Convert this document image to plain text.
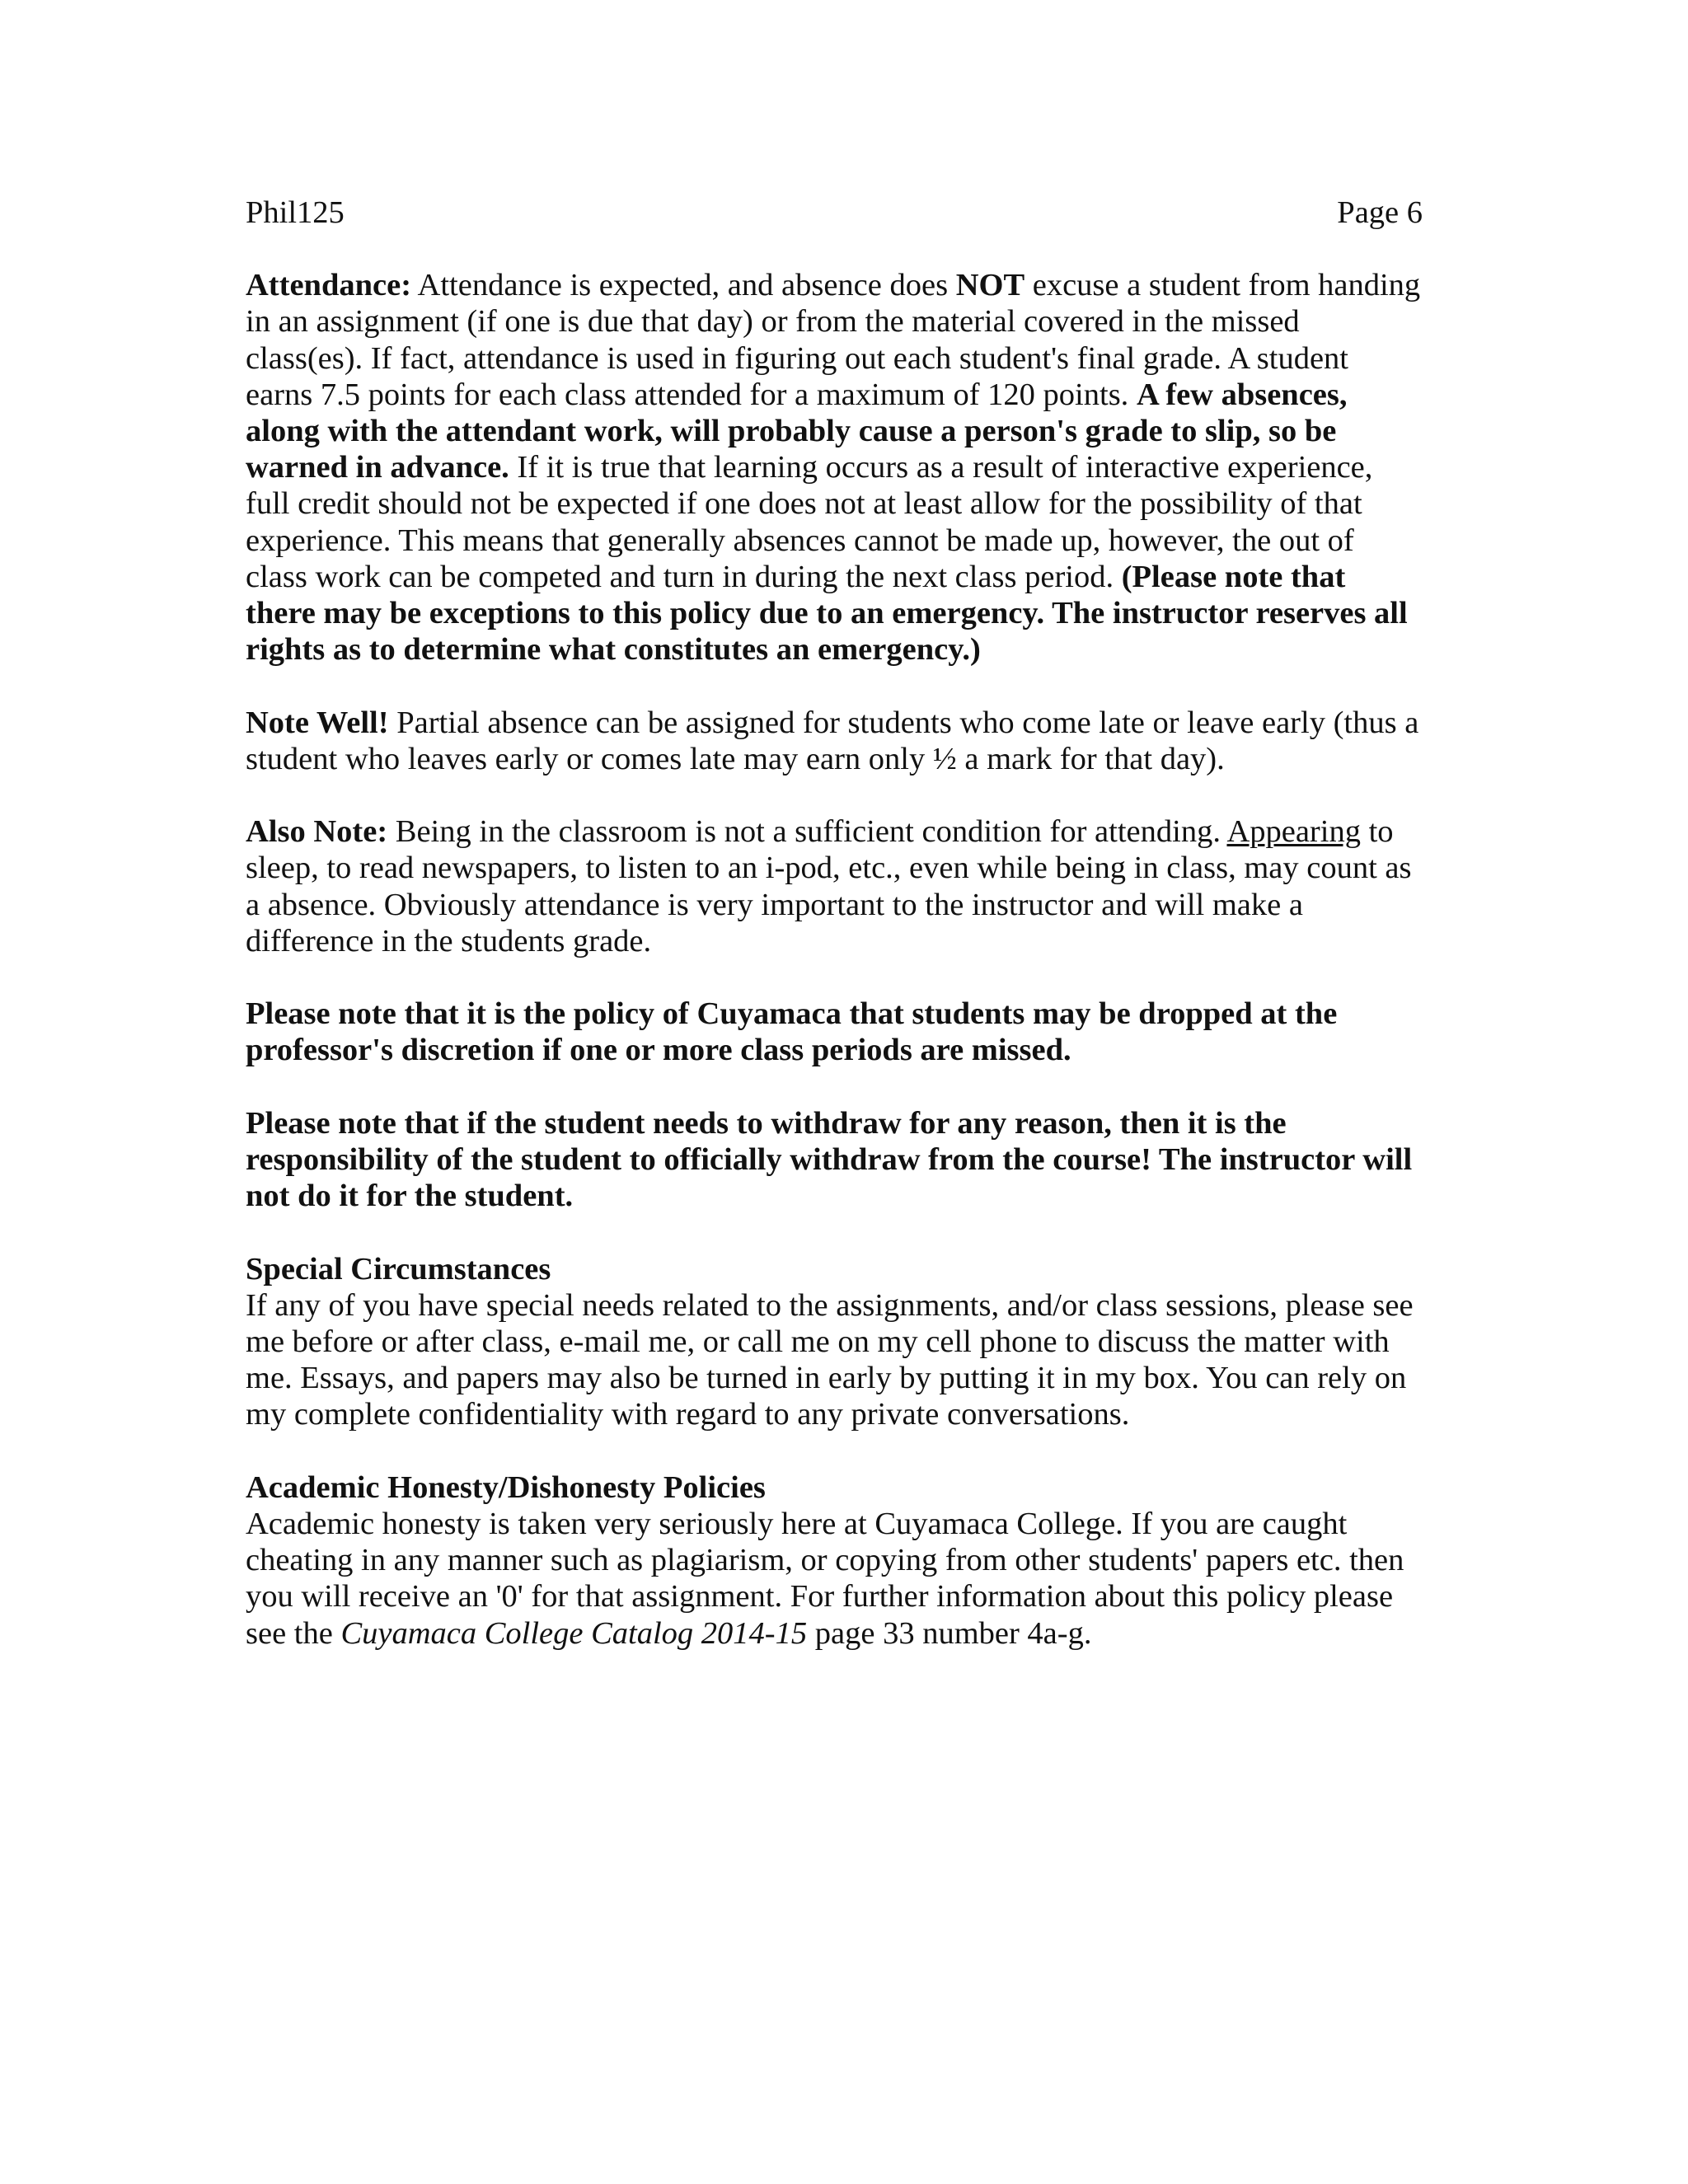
Phil125	Page 6

Attendance: Attendance is expected, and absence does NOT excuse a student from handing in an assignment (if one is due that day) or from the material covered in the missed class(es). If fact, attendance is used in figuring out each student's final grade. A student earns 7.5 points for each class attended for a maximum of 120 points. A few absences, along with the attendant work, will probably cause a person's grade to slip, so be warned in advance. If it is true that learning occurs as a result of interactive experience, full credit should not be expected if one does not at least allow for the possibility of that experience. This means that generally absences cannot be made up, however, the out of class work can be competed and turn in during the next class period. (Please note that there may be exceptions to this policy due to an emergency. The instructor reserves all rights as to determine what constitutes an emergency.)

Note Well! Partial absence can be assigned for students who come late or leave early (thus a student who leaves early or comes late may earn only ½ a mark for that day).

Also Note: Being in the classroom is not a sufficient condition for attending. Appearing to sleep, to read newspapers, to listen to an i-pod, etc., even while being in class, may count as a absence. Obviously attendance is very important to the instructor and will make a difference in the students grade.

Please note that it is the policy of Cuyamaca that students may be dropped at the professor's discretion if one or more class periods are missed.

Please note that if the student needs to withdraw for any reason, then it is the responsibility of the student to officially withdraw from the course! The instructor will not do it for the student.

Special Circumstances
If any of you have special needs related to the assignments, and/or class sessions, please see me before or after class, e-mail me, or call me on my cell phone to discuss the matter with me. Essays, and papers may also be turned in early by putting it in my box. You can rely on my complete confidentiality with regard to any private conversations.

Academic Honesty/Dishonesty Policies
Academic honesty is taken very seriously here at Cuyamaca College. If you are caught cheating in any manner such as plagiarism, or copying from other students' papers etc. then you will receive an '0' for that assignment. For further information about this policy please see the Cuyamaca College Catalog 2014-15 page 33 number 4a-g.
